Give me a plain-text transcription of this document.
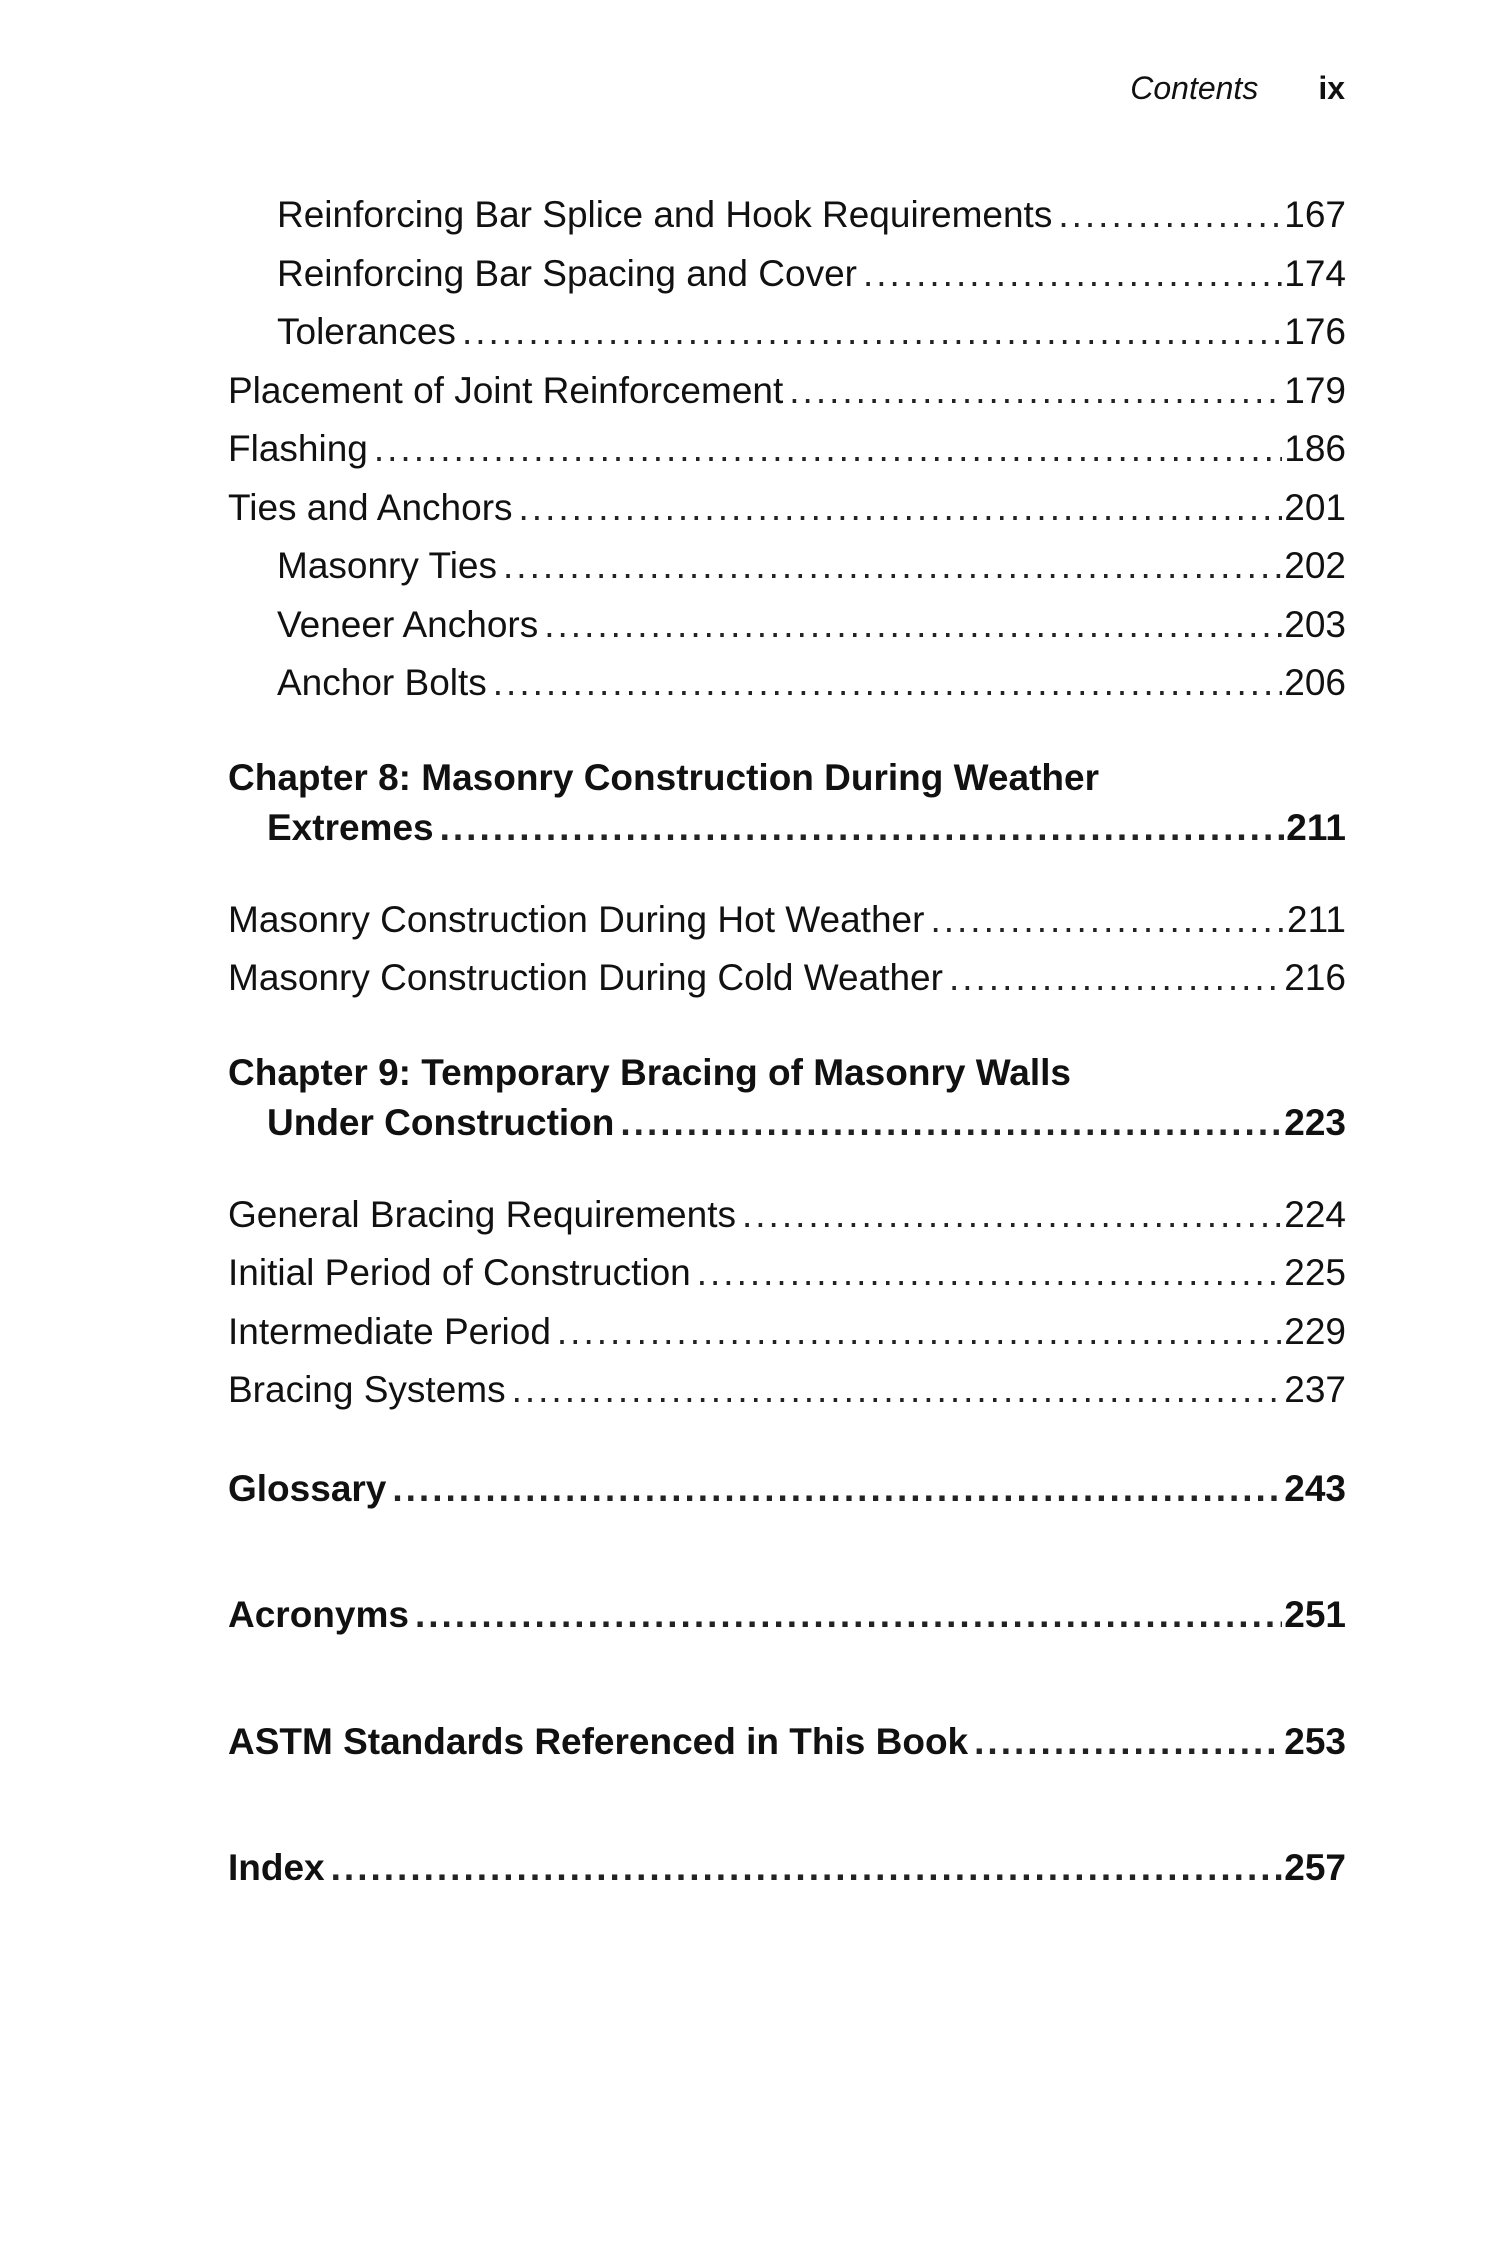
Contents ix
Reinforcing Bar Splice and Hook Requirements .....	167
Reinforcing Bar Spacing and Cover .....	174
Tolerances .....	176
Placement of Joint Reinforcement .....	179
Flashing .....	186
Ties and Anchors .....	201
Masonry Ties .....	202
Veneer Anchors .....	203
Anchor Bolts .....	206
Chapter 8: Masonry Construction During Weather
Extremes .....	211
Masonry Construction During Hot Weather .....	211
Masonry Construction During Cold Weather .....	216
Chapter 9: Temporary Bracing of Masonry Walls
Under Construction .....	223
General Bracing Requirements .....	224
Initial Period of Construction .....	225
Intermediate Period .....	229
Bracing Systems .....	237
Glossary .....	243
Acronyms .....	251
ASTM Standards Referenced in This Book .....	253
Index .....	257
